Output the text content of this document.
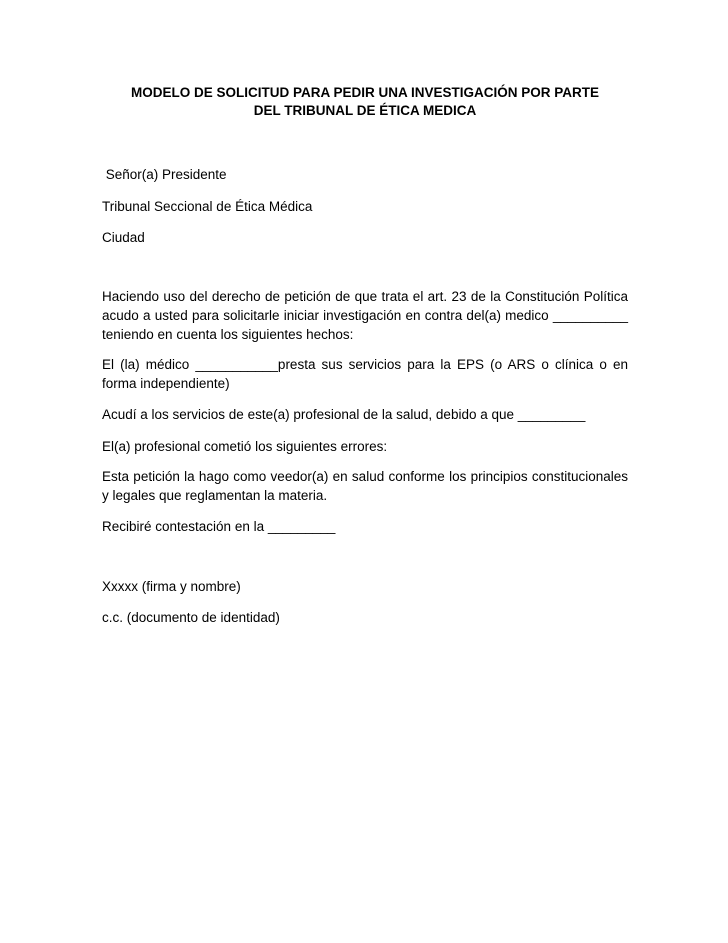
MODELO DE SOLICITUD PARA PEDIR UNA INVESTIGACIÓN POR PARTE
DEL TRIBUNAL DE ÉTICA MEDICA
Señor(a) Presidente
Tribunal Seccional de Ética Médica
Ciudad
Haciendo uso del derecho de petición de que trata el art. 23 de la Constitución Política acudo a usted para solicitarle iniciar investigación en contra del(a) medico __________ teniendo en cuenta los siguientes hechos:
El (la) médico ___________presta sus servicios para la EPS (o ARS o clínica o en forma independiente)
Acudí a los servicios de este(a) profesional de la salud, debido a que _________
El(a) profesional cometió los siguientes errores:
Esta petición la hago como veedor(a) en salud conforme los principios constitucionales y legales que reglamentan la materia.
Recibiré contestación en la _________
Xxxxx (firma y nombre)
c.c. (documento de identidad)
